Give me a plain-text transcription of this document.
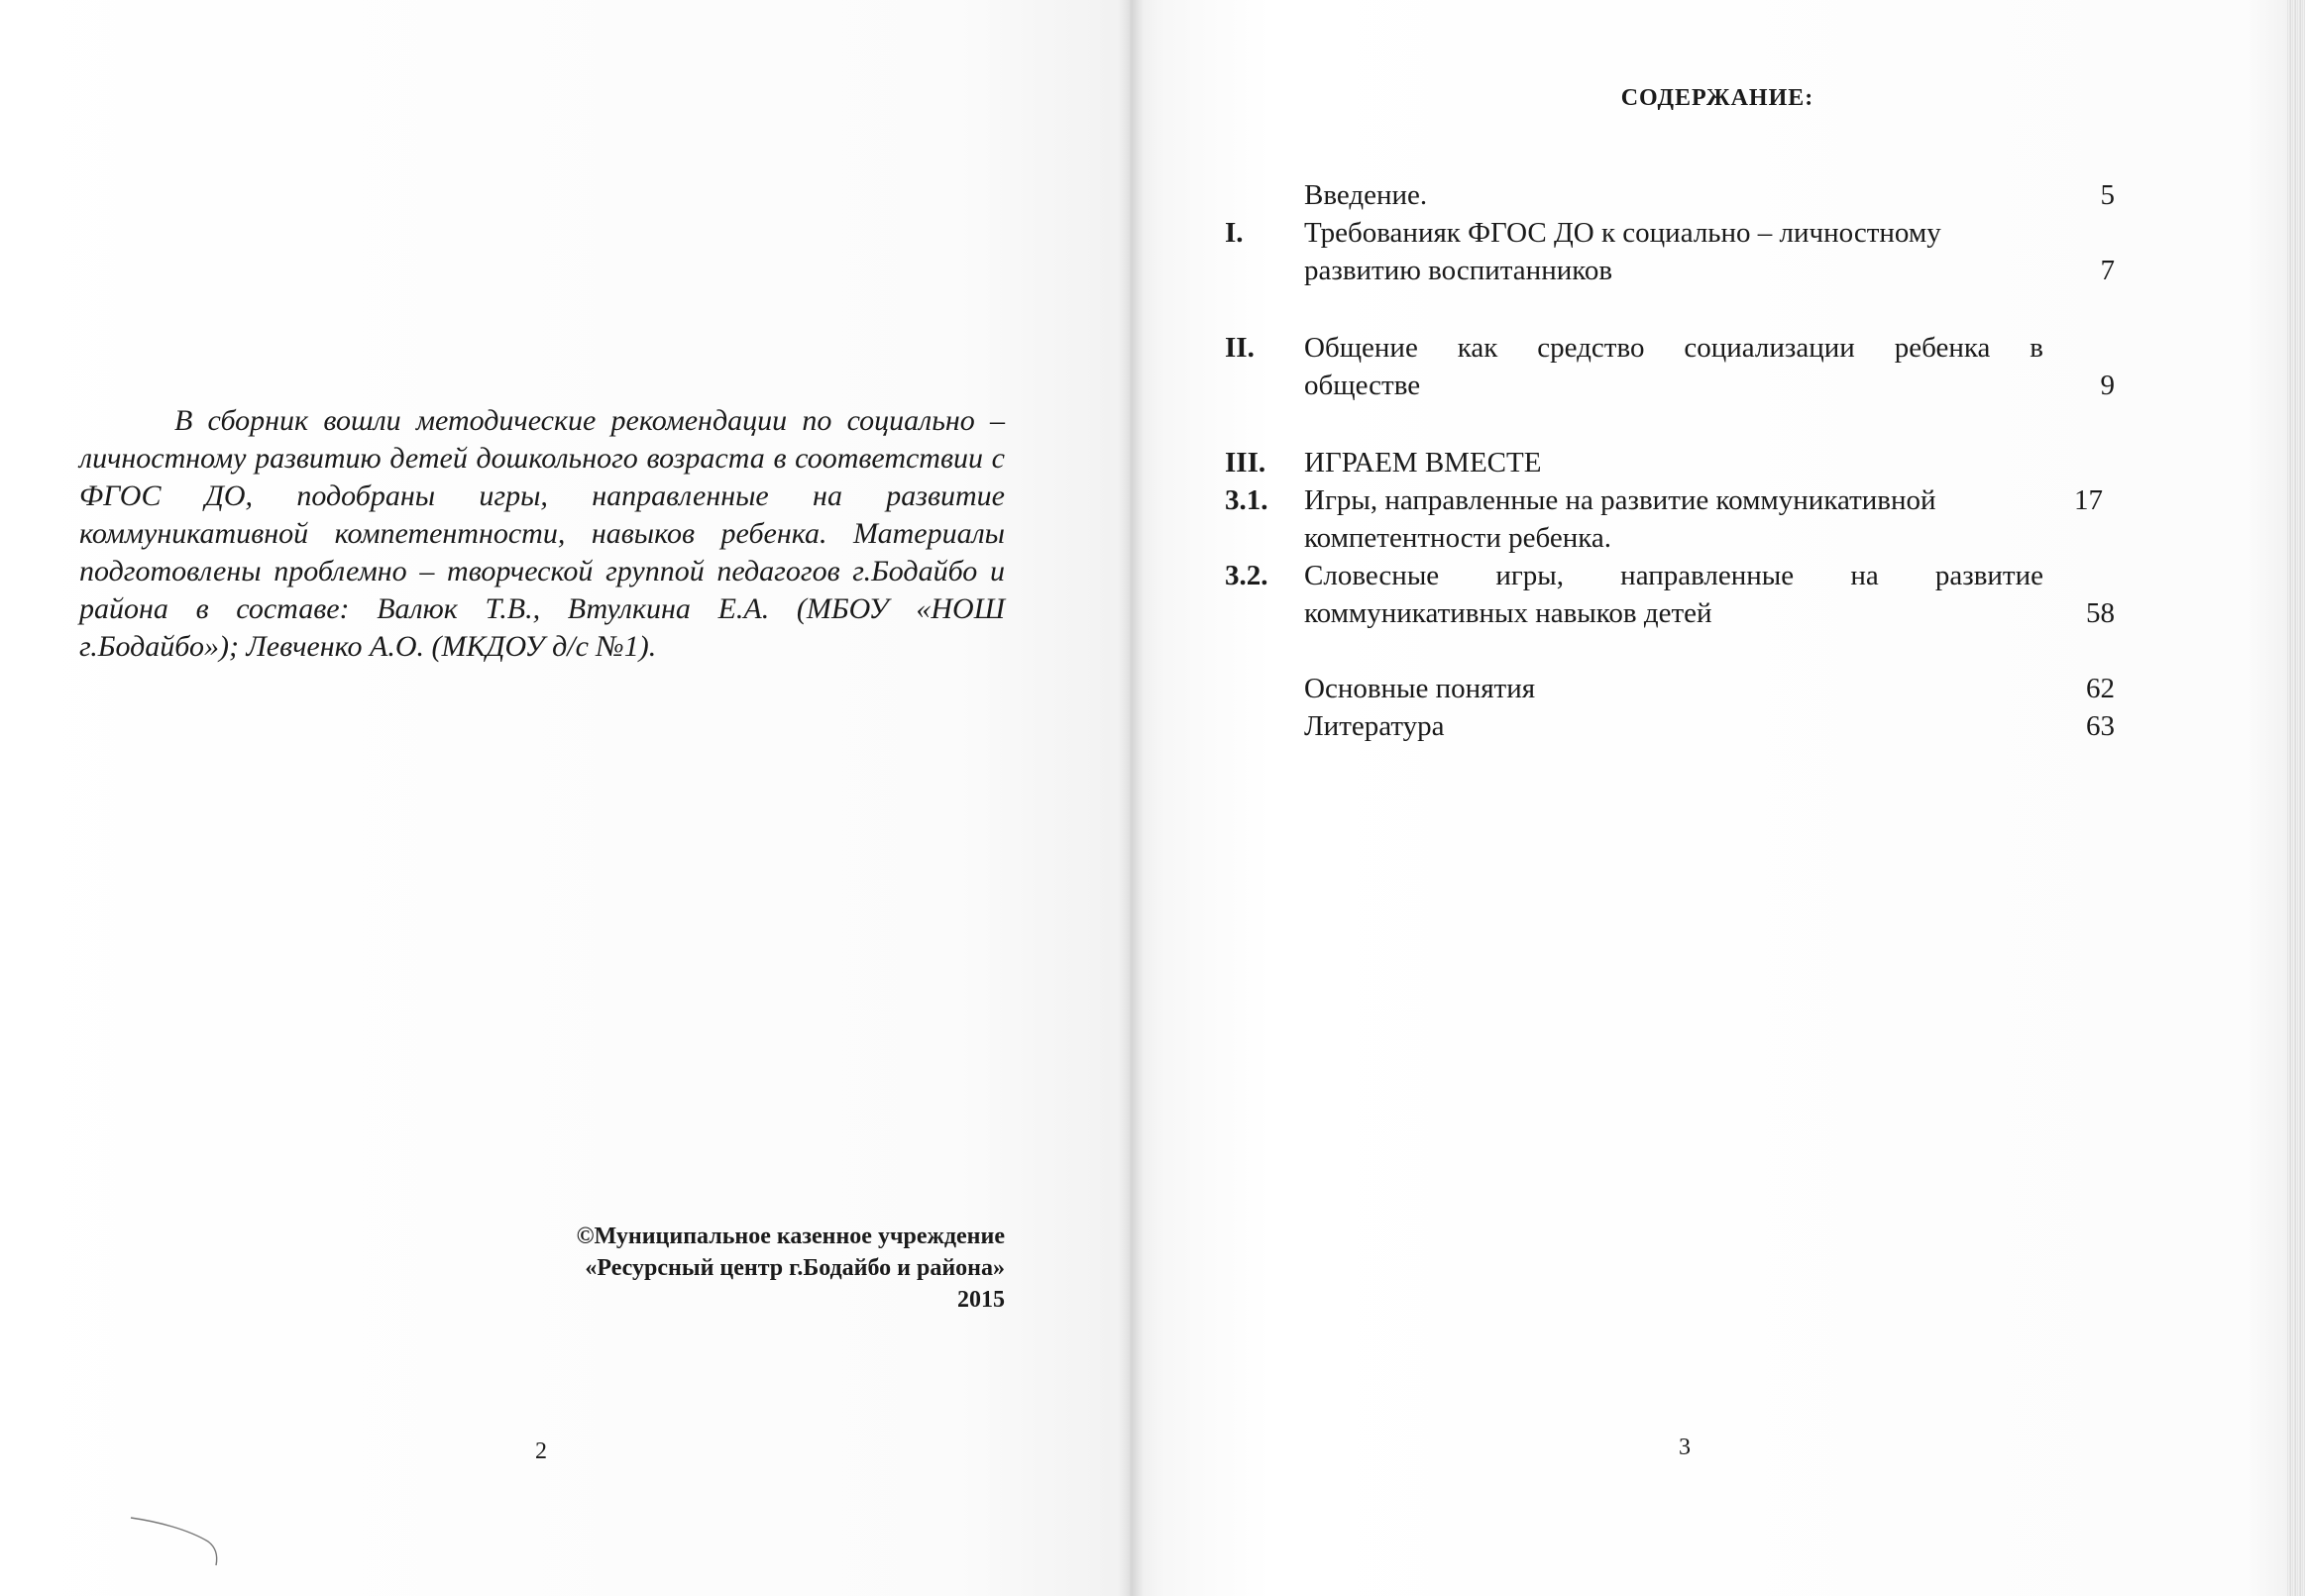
В сборник вошли методические рекомендации по социально – личностному развитию детей дошкольного возраста в соответствии с ФГОС ДО, подобраны игры, направленные на развитие коммуникативной компетентности, навыков ребенка. Материалы подготовлены проблемно – творческой группой педагогов г.Бодайбо и района в составе: Валюк Т.В., Втулкина Е.А. (МБОУ «НОШ г.Бодайбо»); Левченко А.О. (МКДОУ д/с №1).

©Муниципальное казенное учреждение
«Ресурсный центр г.Бодайбо и района»
2015
2
СОДЕРЖАНИЕ:
Введение.	5
I.	Требованияк ФГОС ДО к социально – личностному
развитию воспитанников	7
II.	Общение как средство социализации ребенка в
обществе	9
III.	ИГРАЕМ ВМЕСТЕ
3.1.	Игры, направленные на развитие коммуникативной	17
компетентности ребенка.
3.2.	Словесные игры, направленные на развитие
коммуникативных навыков детей	58
Основные понятия	62
Литература	63
3
